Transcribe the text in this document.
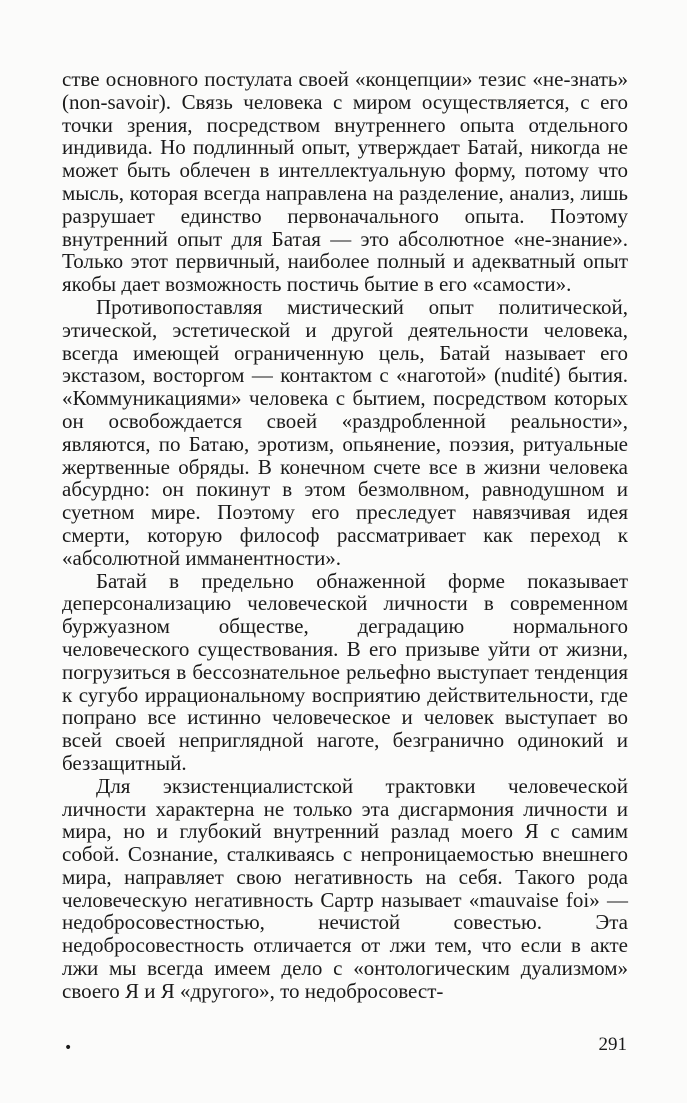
стве основного постулата своей «концепции» тезис «не-знать» (non-savoir). Связь человека с миром осуществляется, с его точки зрения, посредством внутреннего опыта отдельного индивида. Но подлинный опыт, утверждает Батай, никогда не может быть облечен в интеллектуальную форму, потому что мысль, которая всегда направлена на разделение, анализ, лишь разрушает единство первоначального опыта. Поэтому внутренний опыт для Батая — это абсолютное «не-знание». Только этот первичный, наиболее полный и адекватный опыт якобы дает возможность постичь бытие в его «самости».

Противопоставляя мистический опыт политической, этической, эстетической и другой деятельности человека, всегда имеющей ограниченную цель, Батай называет его экстазом, восторгом — контактом с «наготой» (nudité) бытия. «Коммуникациями» человека с бытием, посредством которых он освобождается своей «раздробленной реальности», являются, по Батаю, эротизм, опьянение, поэзия, ритуальные жертвенные обряды. В конечном счете все в жизни человека абсурдно: он покинут в этом безмолвном, равнодушном и суетном мире. Поэтому его преследует навязчивая идея смерти, которую философ рассматривает как переход к «абсолютной имманентности».

Батай в предельно обнаженной форме показывает деперсонализацию человеческой личности в современном буржуазном обществе, деградацию нормального человеческого существования. В его призыве уйти от жизни, погрузиться в бессознательное рельефно выступает тенденция к сугубо иррациональному восприятию действительности, где попрано все истинно человеческое и человек выступает во всей своей неприглядной наготе, безгранично одинокий и беззащитный.

Для экзистенциалистской трактовки человеческой личности характерна не только эта дисгармония личности и мира, но и глубокий внутренний разлад моего Я с самим собой. Сознание, сталкиваясь с непроницаемостью внешнего мира, направляет свою негативность на себя. Такого рода человеческую негативность Сартр называет «mauvaise foi» — недобросовестностью, нечистой совестью. Эта недобросовестность отличается от лжи тем, что если в акте лжи мы всегда имеем дело с «онтологическим дуализмом» своего Я и Я «другого», то недобросовест-

•	291
